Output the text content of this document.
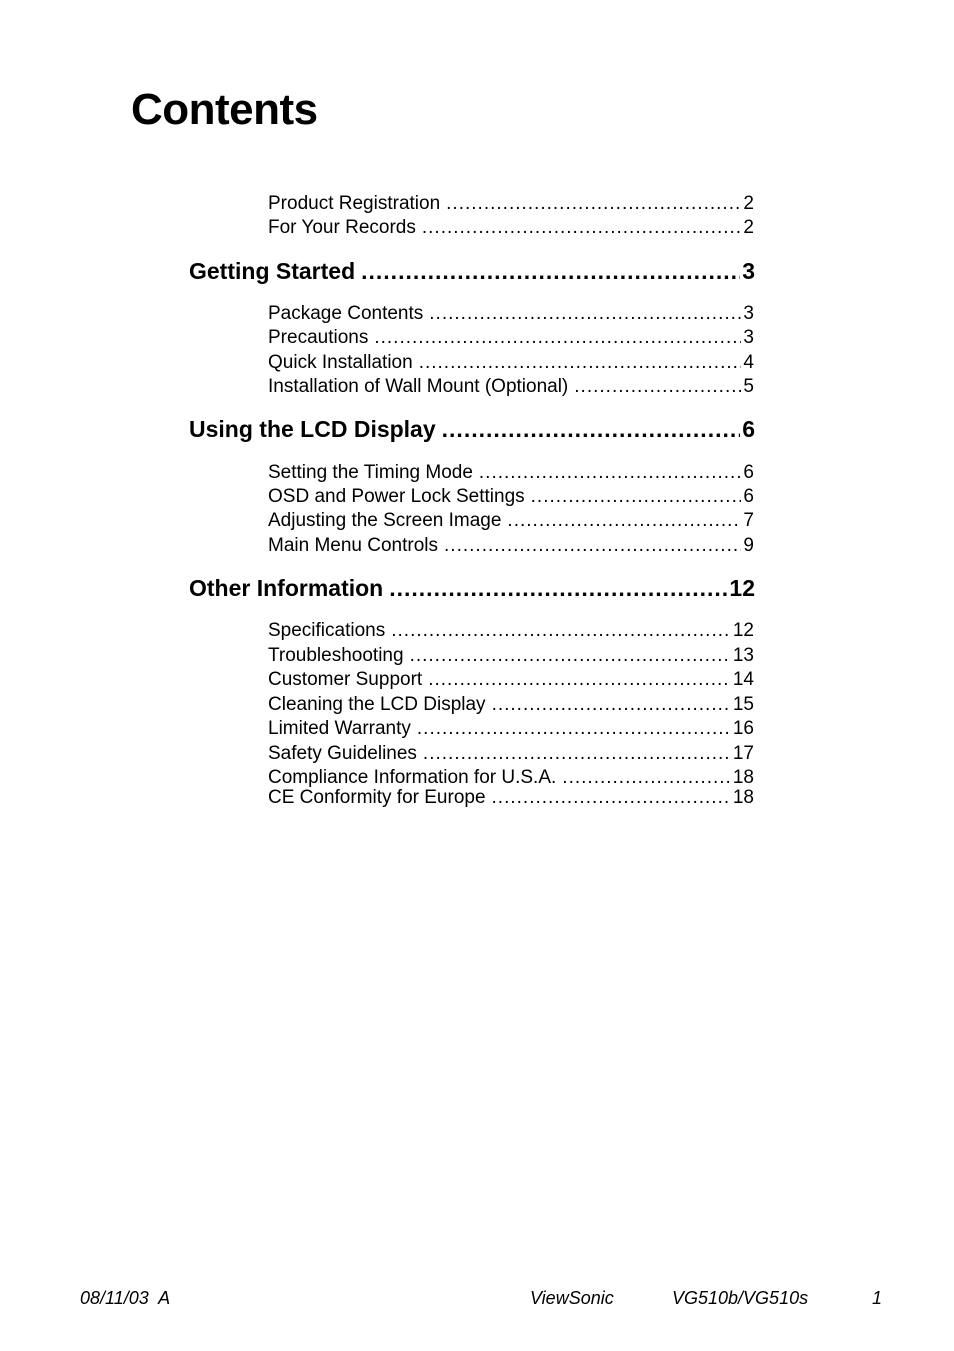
Contents
Product Registration .....	2
For Your Records .....	2
Getting Started .....	3
Package Contents .....	3
Precautions .....	3
Quick Installation .....	4
Installation of Wall Mount (Optional) .....	5
Using the LCD Display .....	6
Setting the Timing Mode .....	6
OSD and Power Lock Settings .....	6
Adjusting the Screen Image .....	7
Main Menu Controls .....	9
Other Information .....	12
Specifications .....	12
Troubleshooting .....	13
Customer Support .....	14
Cleaning the LCD Display .....	15
Limited Warranty .....	16
Safety Guidelines .....	17
Compliance Information for U.S.A. .....	18
CE Conformity for Europe .....	18
08/11/03  A	ViewSonic	VG510b/VG510s	1
